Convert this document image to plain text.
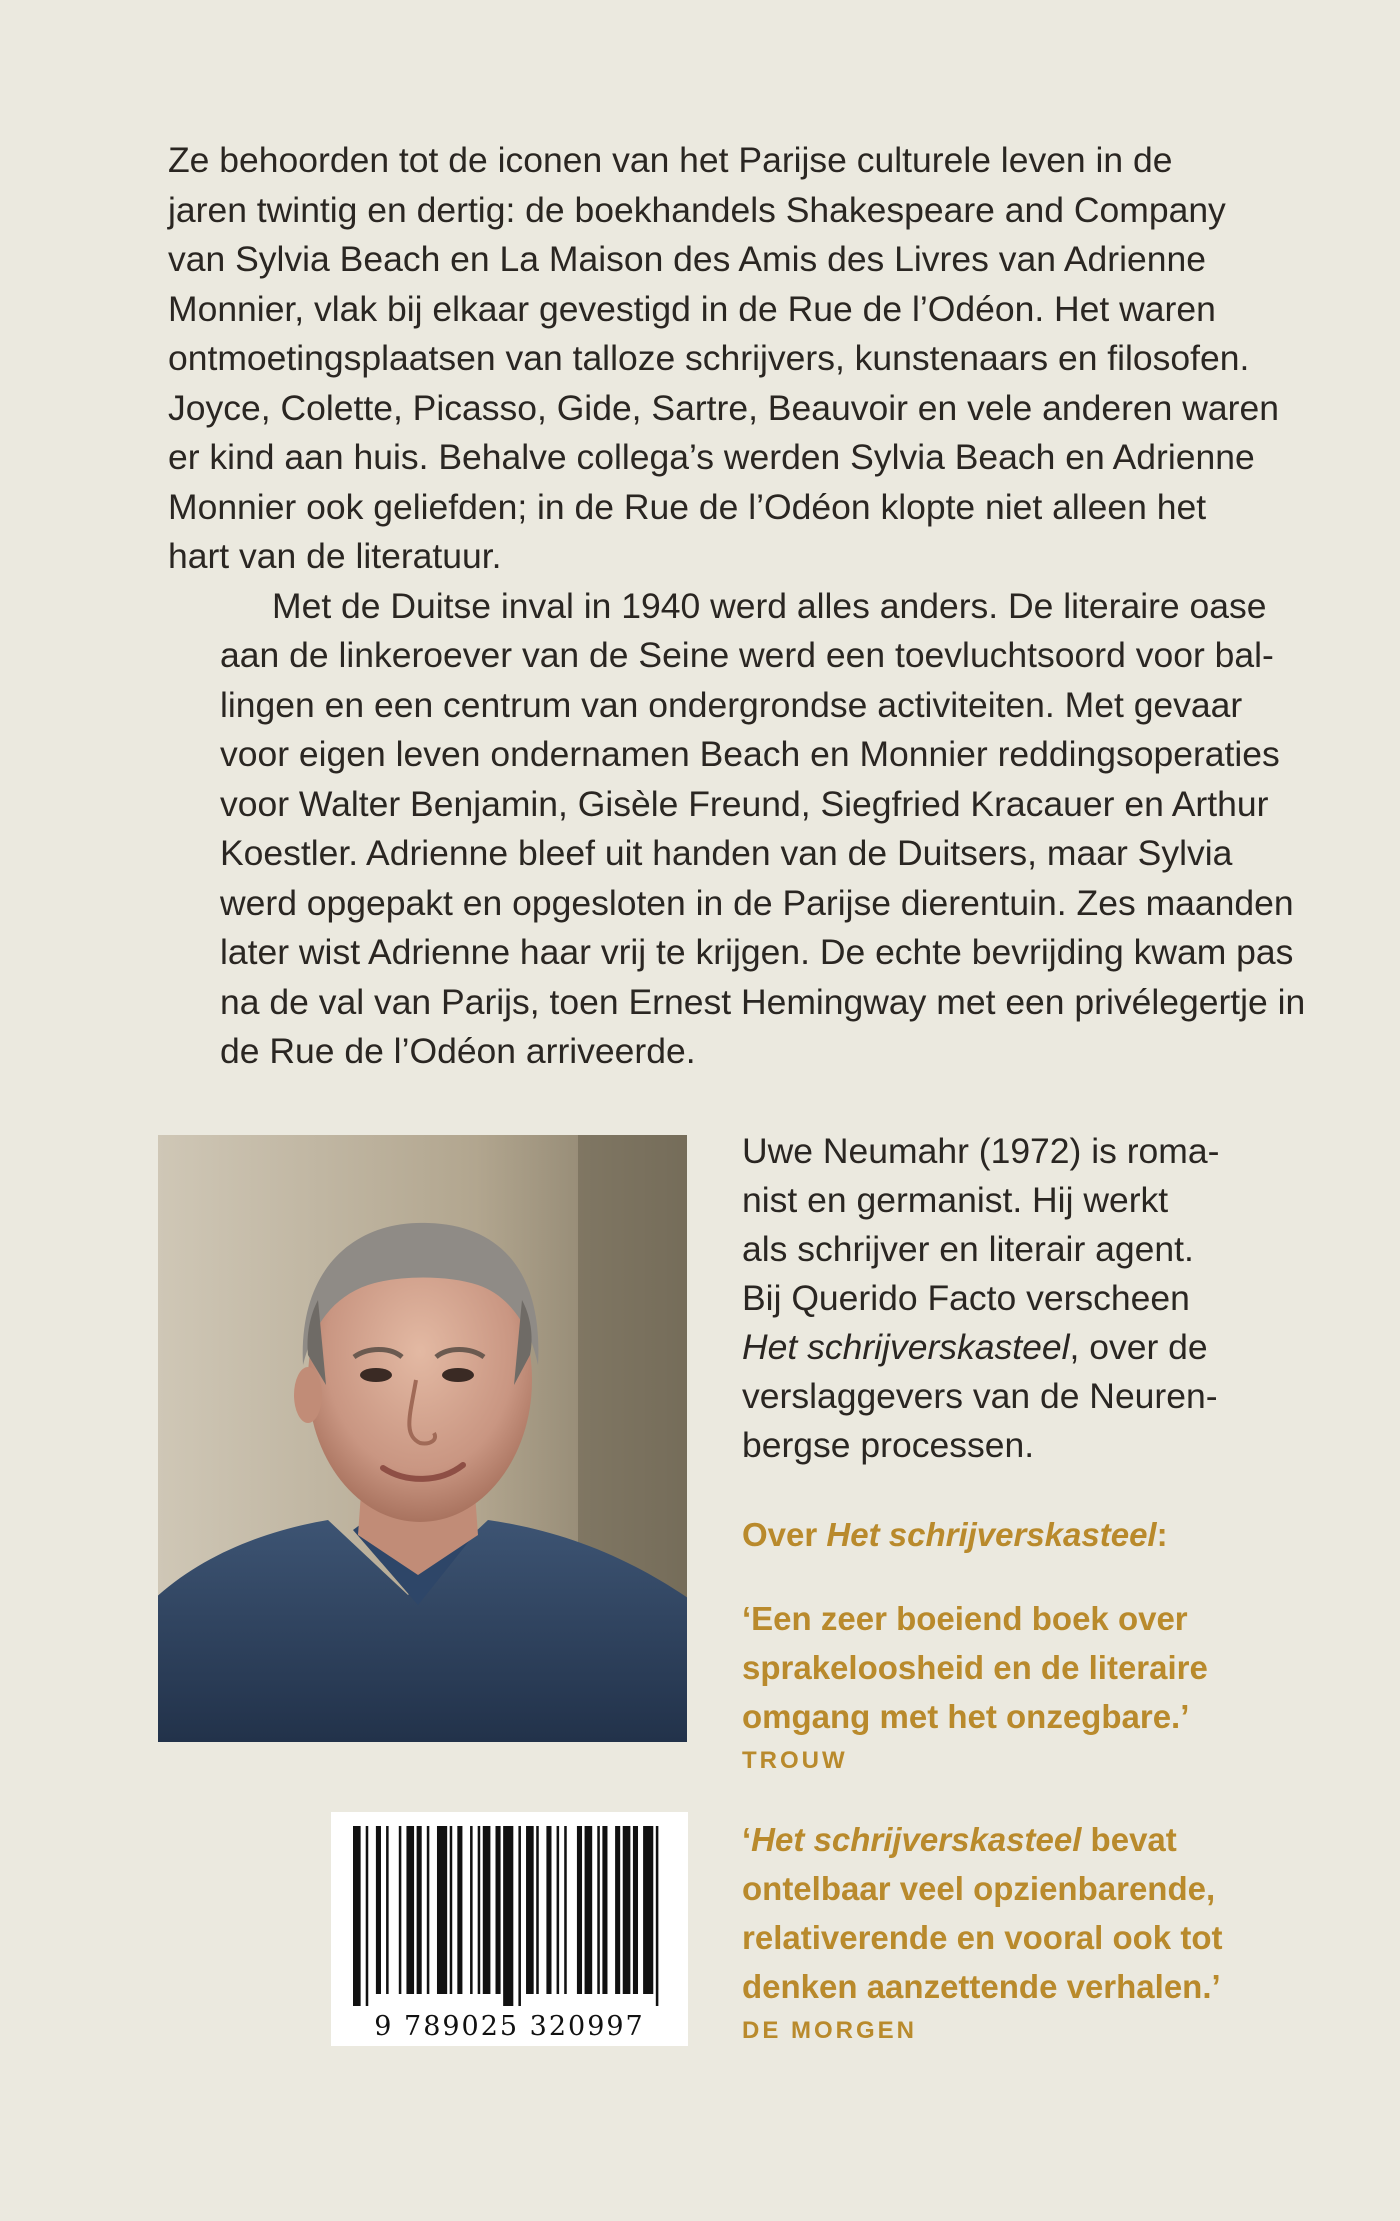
Ze behoorden tot de iconen van het Parijse culturele leven in de
jaren twintig en dertig: de boekhandels Shakespeare and Company
van Sylvia Beach en La Maison des Amis des Livres van Adrienne
Monnier, vlak bij elkaar gevestigd in de Rue de l’Odéon. Het waren
ontmoetingsplaatsen van talloze schrijvers, kunstenaars en filosofen.
Joyce, Colette, Picasso, Gide, Sartre, Beauvoir en vele anderen waren
er kind aan huis. Behalve collega’s werden Sylvia Beach en Adrienne
Monnier ook geliefden; in de Rue de l’Odéon klopte niet alleen het
hart van de literatuur.

Met de Duitse inval in 1940 werd alles anders. De literaire oase
aan de linkeroever van de Seine werd een toevluchtsoord voor bal-
lingen en een centrum van ondergrondse activiteiten. Met gevaar
voor eigen leven ondernamen Beach en Monnier reddingsoperaties
voor Walter Benjamin, Gisèle Freund, Siegfried Kracauer en Arthur
Koestler. Adrienne bleef uit handen van de Duitsers, maar Sylvia
werd opgepakt en opgesloten in de Parijse dierentuin. Zes maanden
later wist Adrienne haar vrij te krijgen. De echte bevrijding kwam pas
na de val van Parijs, toen Ernest Hemingway met een privélegertje in
de Rue de l’Odéon arriveerde.

Uwe Neumahr (1972) is roma-
nist en germanist. Hij werkt
als schrijver en literair agent.
Bij Querido Facto verscheen
Het schrijverskasteel, over de
verslaggevers van de Neuren-
bergse processen.
Over Het schrijverskasteel:
‘Een zeer boeiend boek over
sprakeloosheid en de literaire
omgang met het onzegbare.’
TROUW
‘Het schrijverskasteel bevat
ontelbaar veel opzienbarende,
relativerende en vooral ook tot
denken aanzettende verhalen.’
DE MORGEN
9 789025 320997
